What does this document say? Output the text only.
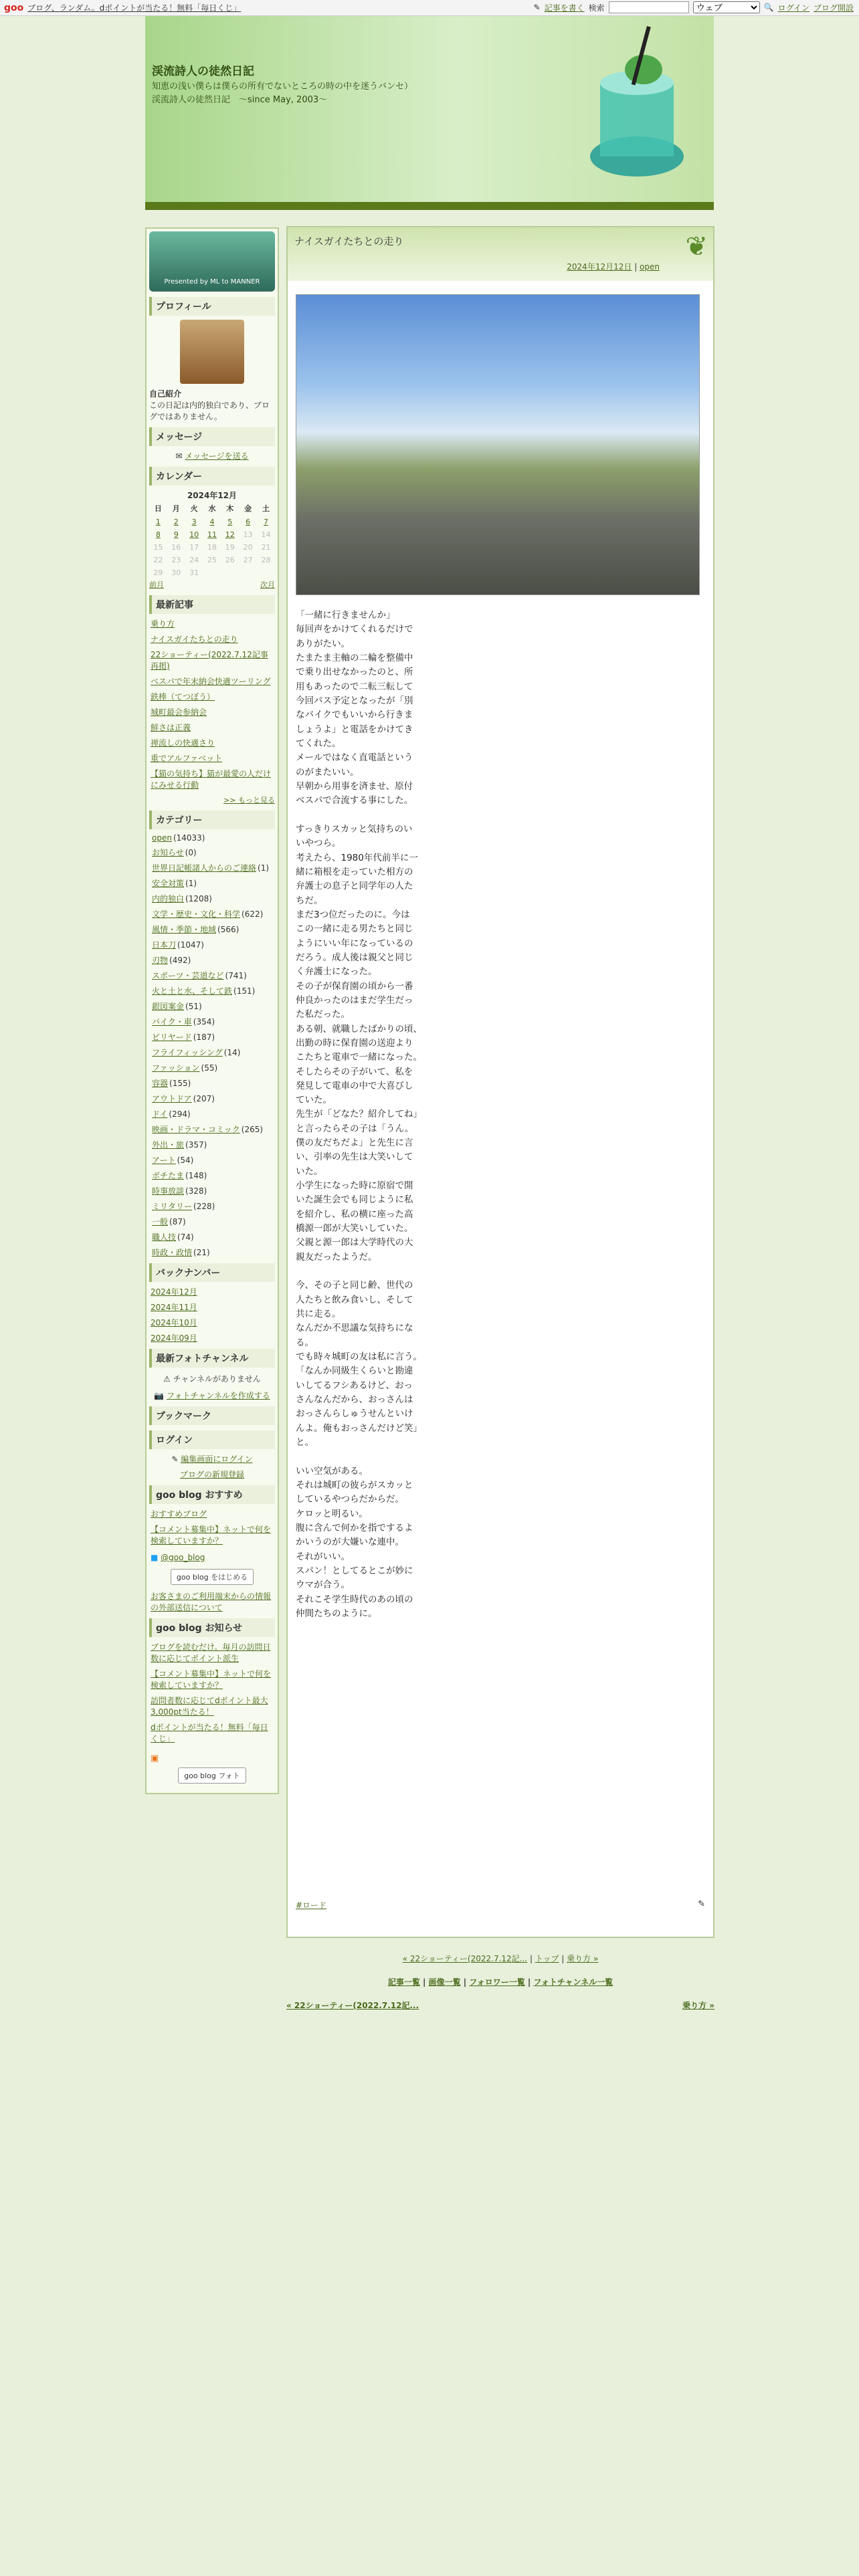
goo ブログ、ランダム。dポイントが当たる！無料「毎日くじ」	✎ 記事を書く 検索
ウェブ	🔍 ログイン ブログ開設
渓流詩人の徒然日記
知恵の浅い僕らは僕らの所有でないところの時の中を迷うバンセ）渓流詩人の徒然日記　〜since May, 2003〜
Presented by ML to MANNER
プロフィール
自己紹介
この日記は内的独白であり、ブログではありません。
メッセージ
✉ メッセージを送る
カレンダー
2024年12月
日	月	火	水	木	金	土
1	2	3	4	5	6	7
8	9	10	11	12	13	14
15	16	17	18	19	20	21
22	23	24	25	26	27	28
29	30	31				
前月	次月
最新記事
乗り方
ナイスガイたちとの走り
22ショーティー(2022.7.12記事再掲)
ベスパで年末納会快適ツーリング
鉄棒（てつぼう）
城町最会参納会
鮮さは正義
禅流しの快適さり
重でアルファベット
【猫の気持ち】猫が最愛の人だけにみせる行動
>> もっと見る
カテゴリー
open (14033)
お知らせ (0)
世界日記帳諸人からのご連絡 (1)
安全対策 (1)
内的独白 (1208)
文学・歴史・文化・科学 (622)
風情・季節・地域 (566)
日本刀 (1047)
刃物 (492)
スポーツ・芸道など (741)
火と土と水、そして鉄 (151)
銀図案金 (51)
バイク・車 (354)
ビリヤード (187)
フライフィッシング (14)
ファッション (55)
容器 (155)
アウトドア (207)
ドイ (294)
映画・ドラマ・コミック (265)
外出・旅 (357)
アート (54)
ボチたま (148)
時事放談 (328)
ミリタリー (228)
一般 (87)
職人技 (74)
時政・政情 (21)
バックナンバー
2024年12月
2024年11月
2024年10月
2024年09月
最新フォトチャンネル
⚠ チャンネルがありません
📷 フォトチャンネルを作成する
ブックマーク
ログイン
✎ 編集画面にログイン
ブログの新規登録
goo blog おすすめ
おすすめブログ
【コメント募集中】ネットで何を検索していますか？
■ @goo_blog
goo blog をはじめる
お客さまのご利用端末からの情報の外部送信について
goo blog お知らせ
ブログを読むだけ。毎月の訪問日数に応じてポイント派生
【コメント募集中】ネットで何を検索していますか？
訪問者数に応じてdポイント最大3,000pt当たる！
dポイントが当たる！無料「毎日くじ」
▣
goo blog フォト
ナイスガイたちとの走り
2024年12月12日 | open
❦
「一緒に行きませんか」
毎回声をかけてくれるだけで
ありがたい。
たまたま主軸の二輪を整備中
で乗り出せなかったのと、所
用もあったので二転三転して
今回パス予定となったが「別
なバイクでもいいから行きま
しょうよ」と電話をかけてき
てくれた。
メールではなく直電話という
のがまたいい。
早朝から用事を済ませ、原付
ベスパで合流する事にした。

すっきりスカッと気持ちのい
いやつら。
考えたら、1980年代前半に一
緒に箱根を走っていた相方の
弁護士の息子と同学年の人た
ちだ。
まだ3つ位だったのに。今は
この一緒に走る男たちと同じ
ようにいい年になっているの
だろう。成人後は親父と同じ
く弁護士になった。
その子が保育園の頃から一番
仲良かったのはまだ学生だっ
た私だった。
ある朝、就職したばかりの頃、
出勤の時に保育園の送迎より
こたちと電車で一緒になった。
そしたらその子がいて、私を
発見して電車の中で大喜びし
ていた。
先生が「どなた？紹介してね」
と言ったらその子は「うん。
僕の友だちだよ」と先生に言
い、引率の先生は大笑いして
いた。
小学生になった時に原宿で開
いた誕生会でも同じように私
を紹介し、私の横に座った高
橋源一郎が大笑いしていた。
父親と源一郎は大学時代の大
親友だったようだ。

今、その子と同じ齢、世代の
人たちと飲み食いし、そして
共に走る。
なんだか不思議な気持ちにな
る。
でも時々城町の友は私に言う。
「なんか同級生くらいと勘違
いしてるフシあるけど、おっ
さんなんだから、おっさんは
おっさんらしゅうせんといけ
んよ。俺もおっさんだけど笑」
と。

いい空気がある。
それは城町の彼らがスカッと
しているやつらだからだ。
ケロッと明るい。
腹に含んで何かを指でするよ
かいうのが大嫌いな連中。
それがいい。
スパン！としてるとこが妙に
ウマが合う。
それこそ学生時代のあの頃の
仲間たちのように。
#ロード	✎
« 22ショーティー(2022.7.12記... | トップ | 乗り方 »
記事一覧 | 画像一覧 | フォロワー一覧 | フォトチャンネル一覧
« 22ショーティー(2022.7.12記...	乗り方 »
